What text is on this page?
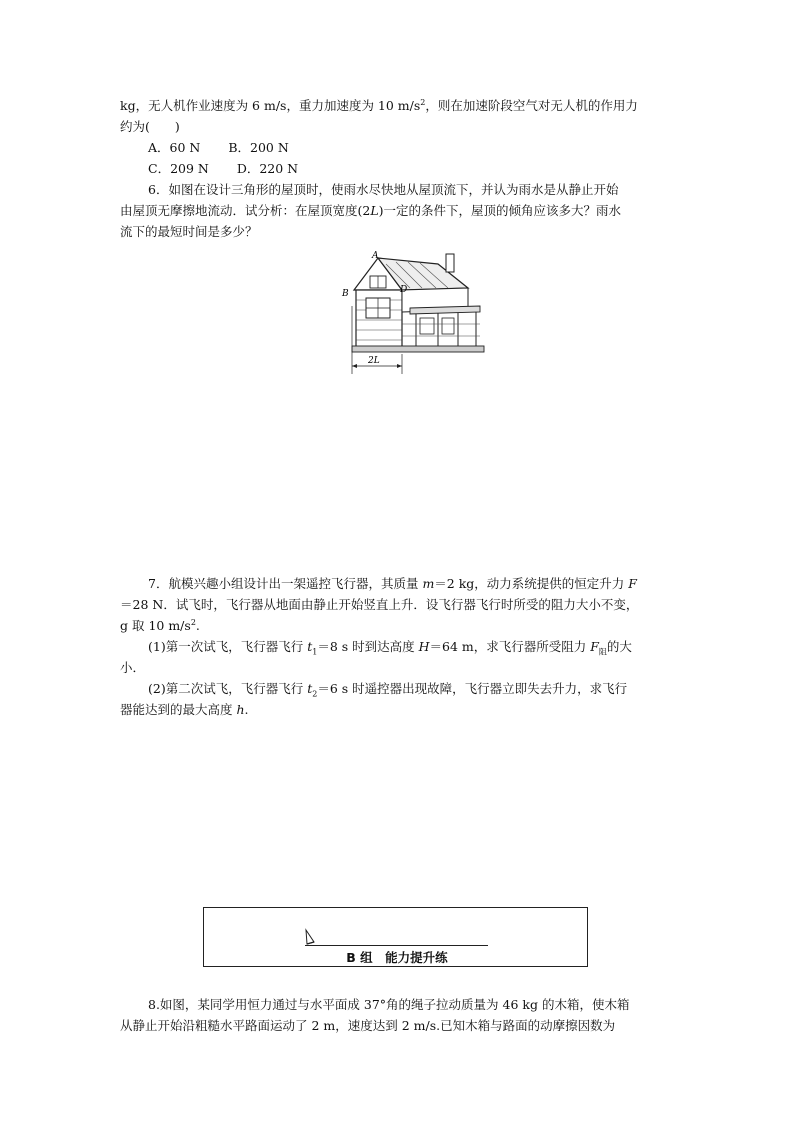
kg，无人机作业速度为 6 m/s，重力加速度为 10 $m/s^2$，则在加速阶段空气对无人机的作用力
约为(　　)
A．60 N B．200 N
C．209 N D．220 N
6．如图在设计三角形的屋顶时，使雨水尽快地从屋顶流下，并认为雨水是从静止开始
由屋顶无摩擦地流动．试分析：在屋顶宽度(2L)一定的条件下，屋顶的倾角应该多大？雨水
流下的最短时间是多少？
A
B	D
2L
7．航模兴趣小组设计出一架遥控飞行器，其质量 m＝2 kg，动力系统提供的恒定升力 F
＝28 N．试飞时，飞行器从地面由静止开始竖直上升．设飞行器飞行时所受的阻力大小不变，
g 取 10 $m/s^2$.
(1)第一次试飞，飞行器飞行 $t_1=8$ s 时到达高度 H＝64 m，求飞行器所受阻力 $F_阻$的大
小．
(2)第二次试飞，飞行器飞行 $t_2=6$ s 时遥控器出现故障，飞行器立即失去升力，求飞行
器能达到的最大高度 h.
B 组　能力提升练
8.如图，某同学用恒力通过与水平面成 37°角的绳子拉动质量为 46 kg 的木箱，使木箱
从静止开始沿粗糙水平路面运动了 2 m，速度达到 2 m/s.已知木箱与路面的动摩擦因数为
